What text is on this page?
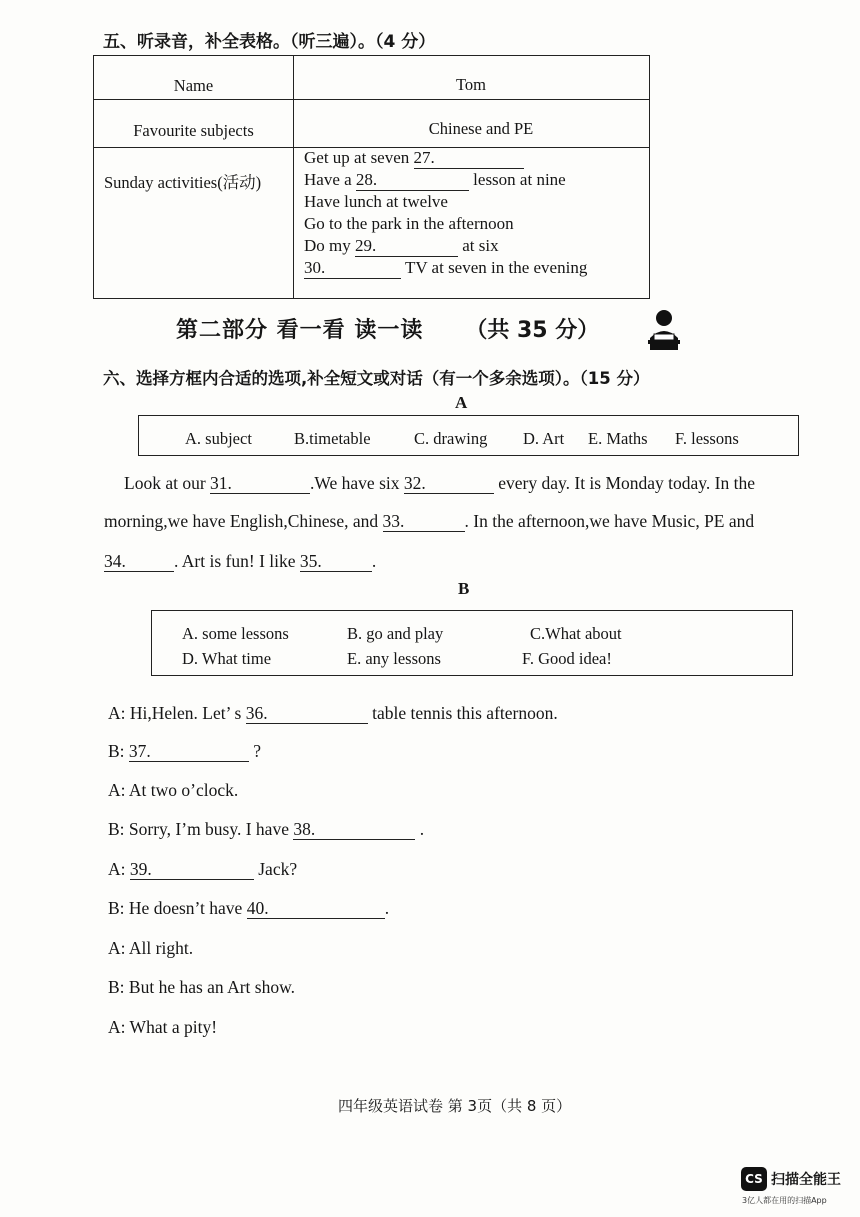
五、听录音，补全表格。（听三遍）。（4 分）
Name	Tom
Favourite subjects	Chinese and PE
Sunday activities(活动)
Get up at seven 27.
Have a 28.	lesson at nine
Have lunch at twelve
Go to the park in the afternoon
Do my 29.	at six
30.	TV at seven in the evening
第二部分 看一看 读一读 （共 35 分）
六、选择方框内合适的选项,补全短文或对话（有一个多余选项）。（15 分）
A
A. subject	B.timetable	C. drawing D. Art E. Maths F. lessons
Look at our 31.	.We have six 32.	every day. It is Monday today. In the
morning,we have English,Chinese, and 33.	. In the afternoon,we have Music, PE and
34.	. Art is fun! I like 35.	.
B
A. some lessons	B. go and play	C.What about
D. What time	E. any lessons	F. Good idea!
A: Hi,Helen. Let’ s 36.	table tennis this afternoon.
B: 37.	?
A: At two o’clock.
B: Sorry, I’m busy. I have 38.	.
A: 39.	Jack?
B: He doesn’t have 40.	.
A: All right.
B: But he has an Art show.
A: What a pity!
四年级英语试卷 第 3页（共 8 页）
CS 扫描全能王
3亿人都在用的扫描App
